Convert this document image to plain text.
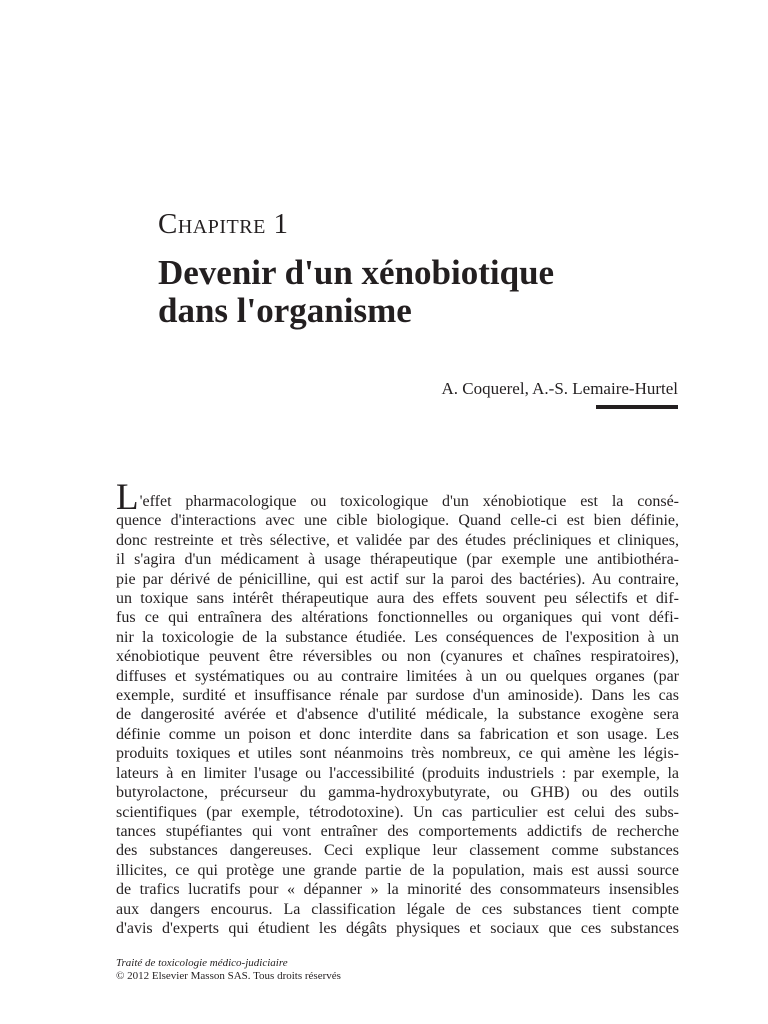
Chapitre 1
Devenir d'un xénobiotique
dans l'organisme
A. Coquerel, A.-S. Lemaire-Hurtel
L'effet pharmacologique ou toxicologique d'un xénobiotique est la consé-
quence d'interactions avec une cible biologique. Quand celle-ci est bien définie,
donc restreinte et très sélective, et validée par des études précliniques et cliniques,
il s'agira d'un médicament à usage thérapeutique (par exemple une antibiothéra-
pie par dérivé de pénicilline, qui est actif sur la paroi des bactéries). Au contraire,
un toxique sans intérêt thérapeutique aura des effets souvent peu sélectifs et dif-
fus ce qui entraînera des altérations fonctionnelles ou organiques qui vont défi-
nir la toxicologie de la substance étudiée. Les conséquences de l'exposition à un
xénobiotique peuvent être réversibles ou non (cyanures et chaînes respiratoires),
diffuses et systématiques ou au contraire limitées à un ou quelques organes (par
exemple, surdité et insuffisance rénale par surdose d'un aminoside). Dans les cas
de dangerosité avérée et d'absence d'utilité médicale, la substance exogène sera
définie comme un poison et donc interdite dans sa fabrication et son usage. Les
produits toxiques et utiles sont néanmoins très nombreux, ce qui amène les légis-
lateurs à en limiter l'usage ou l'accessibilité (produits industriels : par exemple, la
butyrolactone, précurseur du gamma-hydroxybutyrate, ou GHB) ou des outils
scientifiques (par exemple, tétrodotoxine). Un cas particulier est celui des subs-
tances stupéfiantes qui vont entraîner des comportements addictifs de recherche
des substances dangereuses. Ceci explique leur classement comme substances
illicites, ce qui protège une grande partie de la population, mais est aussi source
de trafics lucratifs pour « dépanner » la minorité des consommateurs insensibles
aux dangers encourus. La classification légale de ces substances tient compte
d'avis d'experts qui étudient les dégâts physiques et sociaux que ces substances
Traité de toxicologie médico-judiciaire
© 2012 Elsevier Masson SAS. Tous droits réservés
